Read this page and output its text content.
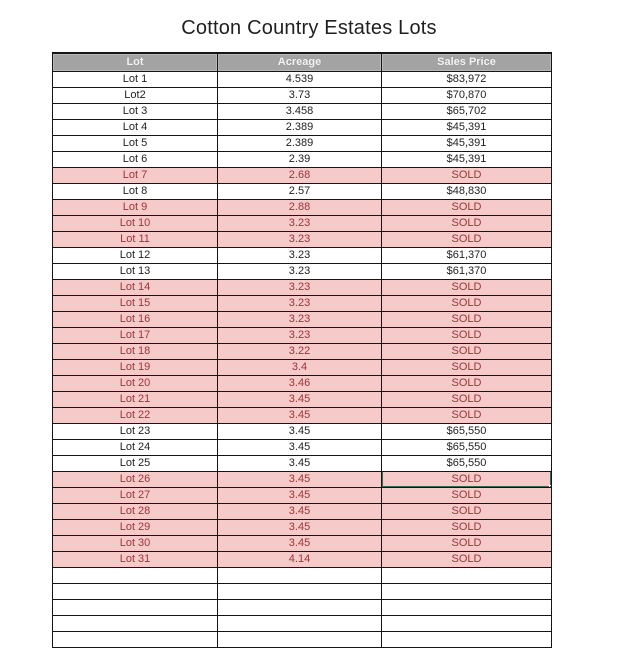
Cotton Country Estates Lots
Lot	Acreage	Sales Price
Lot 1	4.539	$83,972
Lot2	3.73	$70,870
Lot 3	3.458	$65,702
Lot 4	2.389	$45,391
Lot 5	2.389	$45,391
Lot 6	2.39	$45,391
Lot 7	2.68	SOLD
Lot 8	2.57	$48,830
Lot 9	2.88	SOLD
Lot 10	3.23	SOLD
Lot 11	3.23	SOLD
Lot 12	3.23	$61,370
Lot 13	3.23	$61,370
Lot 14	3.23	SOLD
Lot 15	3.23	SOLD
Lot 16	3.23	SOLD
Lot 17	3.23	SOLD
Lot 18	3.22	SOLD
Lot 19	3.4	SOLD
Lot 20	3.46	SOLD
Lot 21	3.45	SOLD
Lot 22	3.45	SOLD
Lot 23	3.45	$65,550
Lot 24	3.45	$65,550
Lot 25	3.45	$65,550
Lot 26	3.45	SOLD
Lot 27	3.45	SOLD
Lot 28	3.45	SOLD
Lot 29	3.45	SOLD
Lot 30	3.45	SOLD
Lot 31	4.14	SOLD
